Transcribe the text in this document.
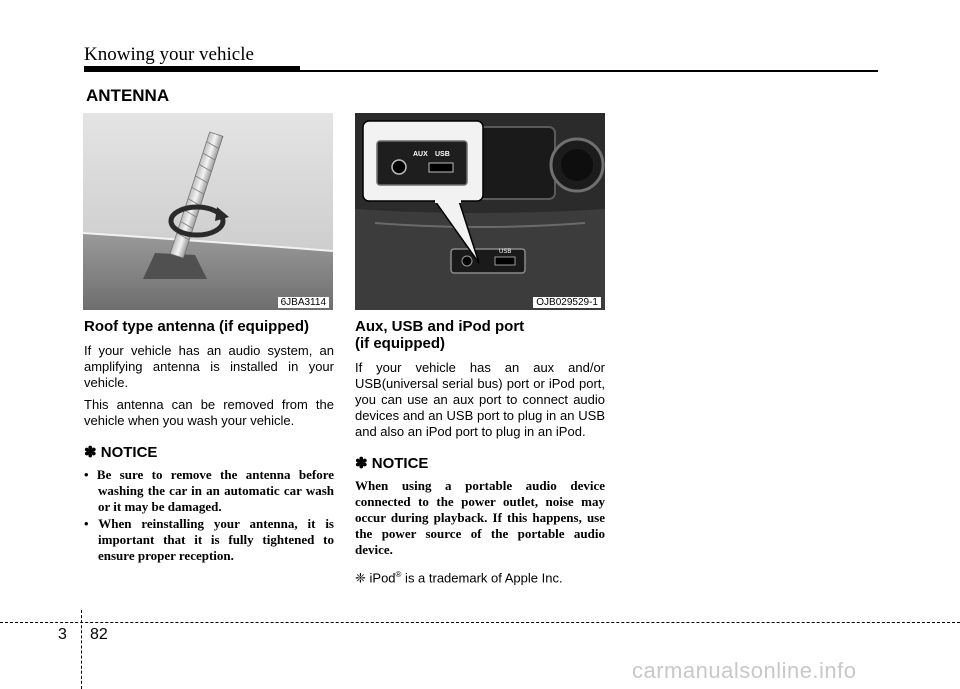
Knowing your vehicle
ANTENNA
6JBA3114
USB
AUX USB
OJB029529-1
Roof type antenna (if equipped)

If your vehicle has an audio system, an amplifying antenna is installed in your vehicle.

This antenna can be removed from the vehicle when you wash your vehicle.

✽ NOTICE
• Be sure to remove the antenna before washing the car in an automatic car wash or it may be damaged.
• When reinstalling your antenna, it is important that it is fully tightened to ensure proper reception.
Aux, USB and iPod port
(if equipped)

If your vehicle has an aux and/or USB(universal serial bus) port or iPod port, you can use an aux port to connect audio devices and an USB port to plug in an USB and also an iPod port to plug in an iPod.

✽ NOTICE

When using a portable audio device connected to the power outlet, noise may occur during playback. If this happens, use the power source of the portable audio device.

❈ iPod® is a trademark of Apple Inc.
3 82
carmanualsonline.info
